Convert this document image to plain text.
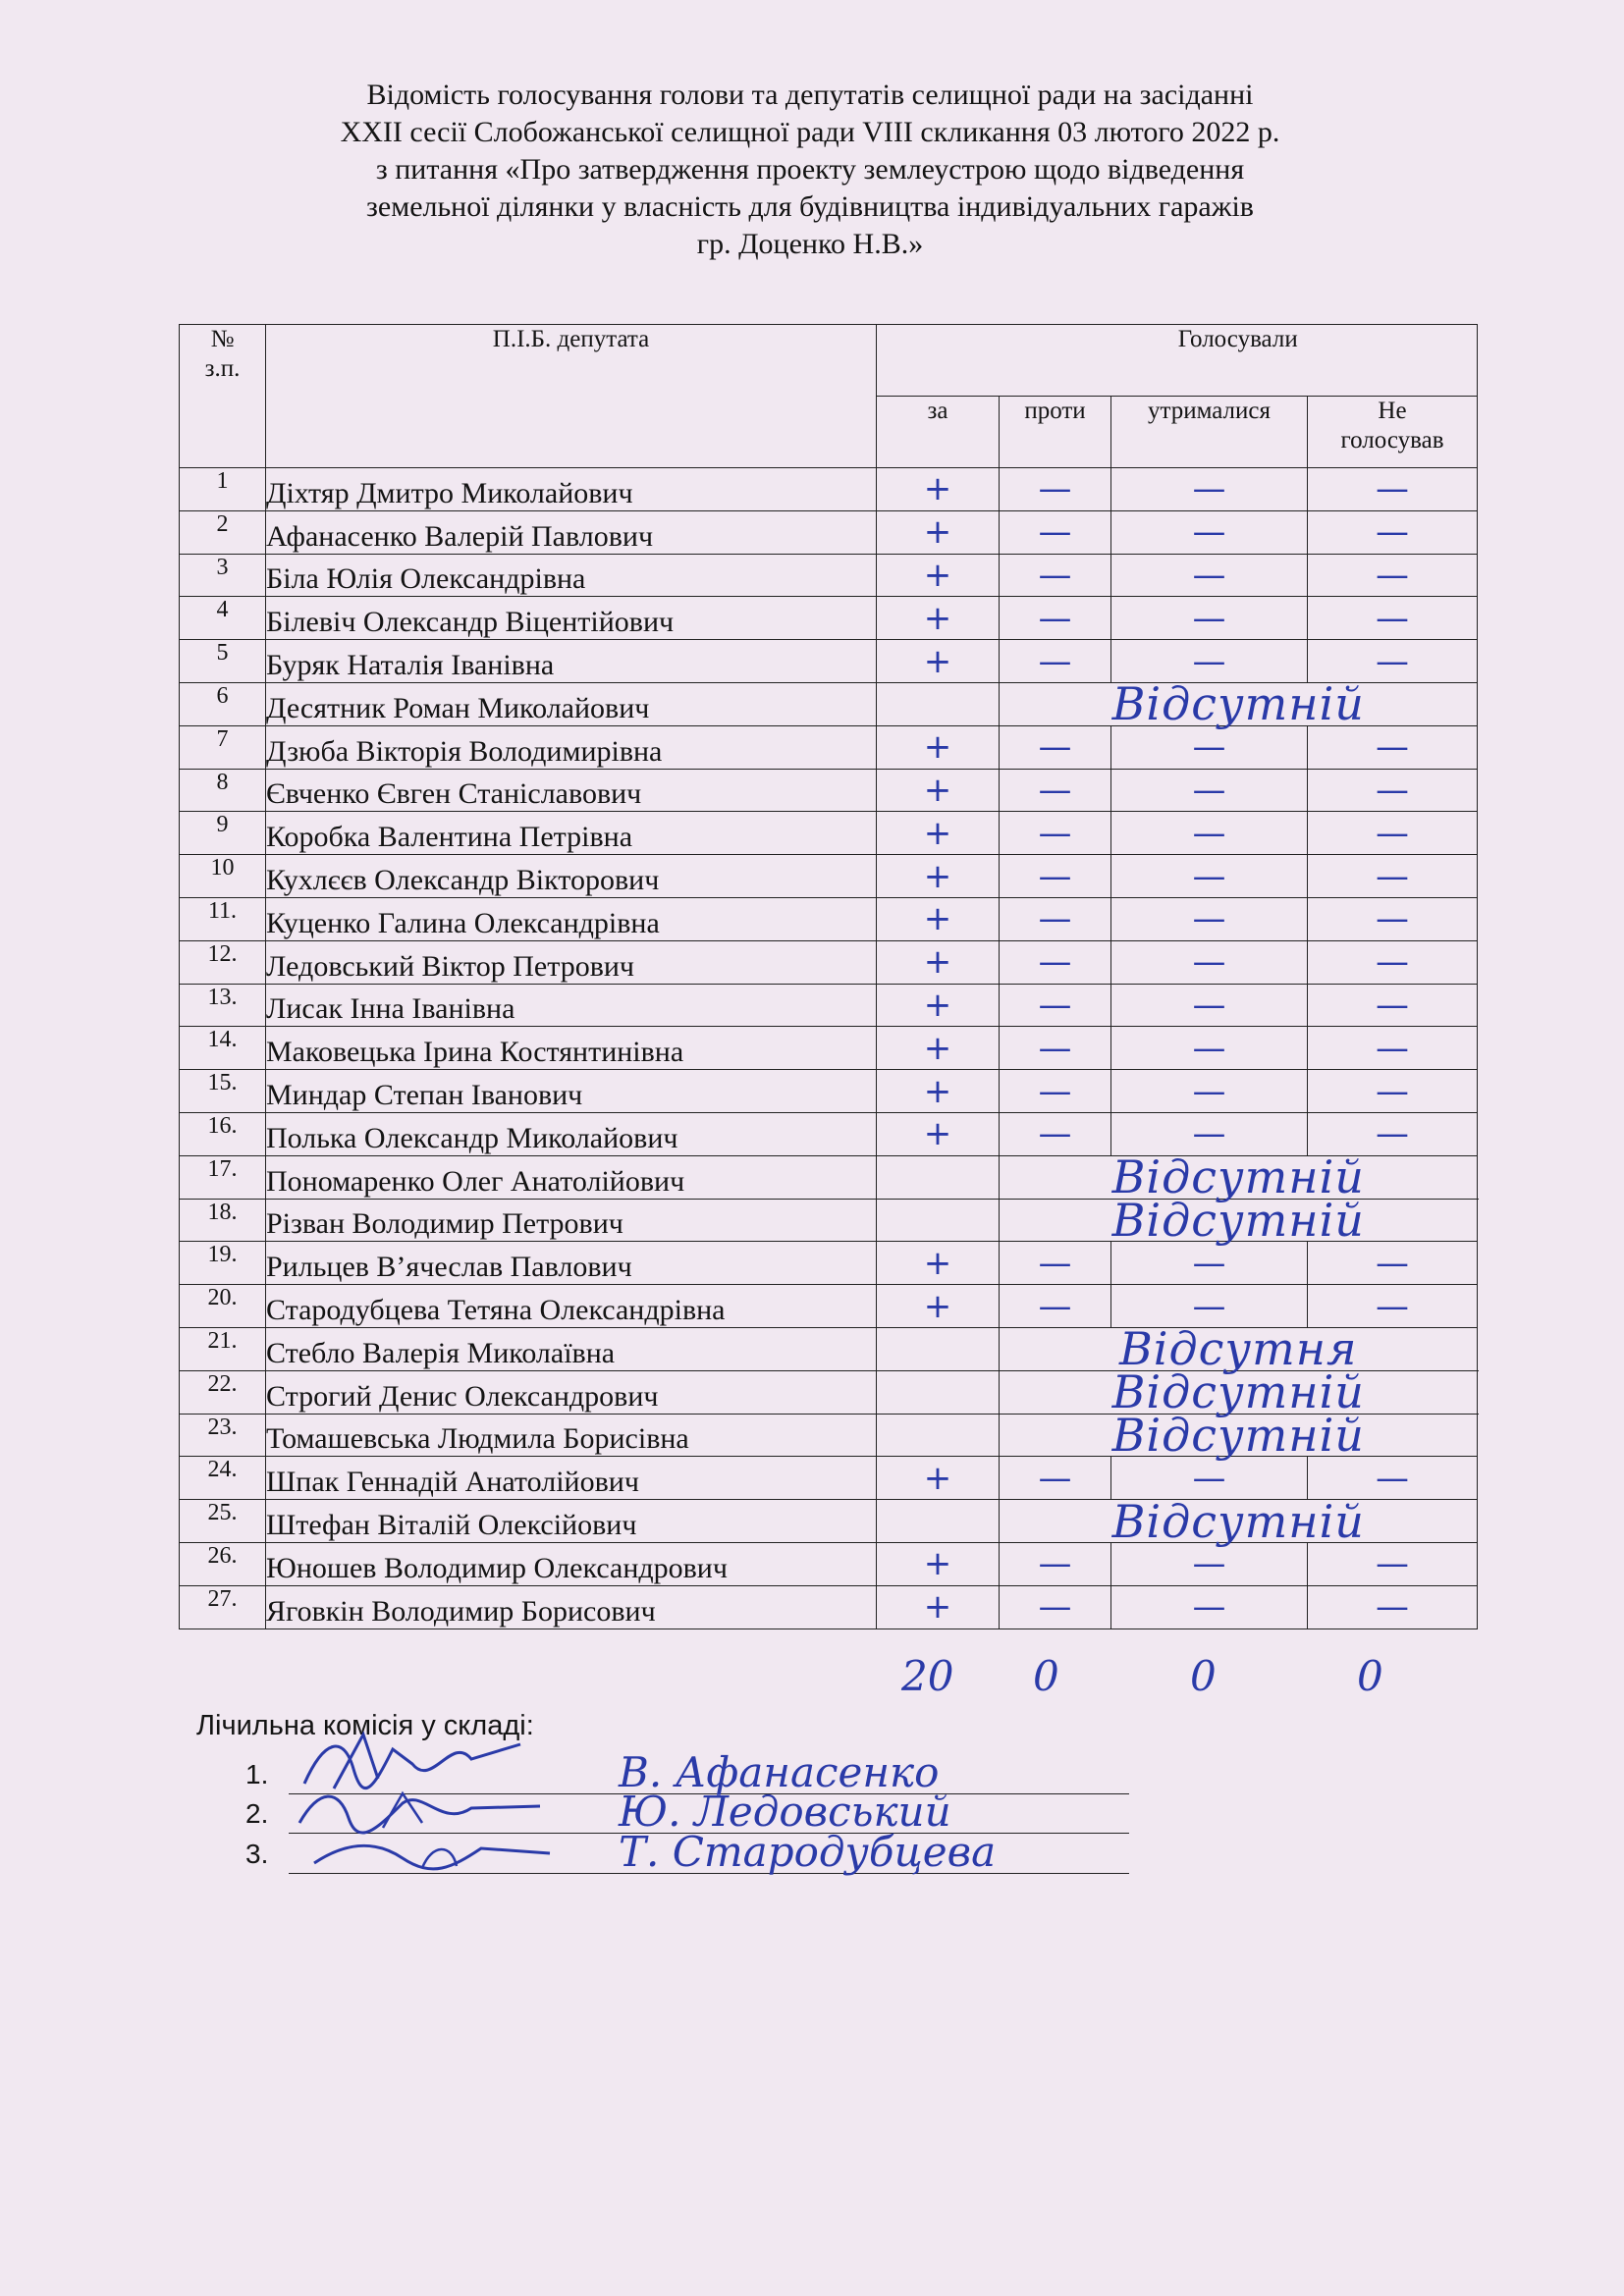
Відомість голосування голови та депутатів селищної ради на засіданні
XXII сесії Слобожанської селищної ради VIII скликання 03 лютого 2022 р.
з питання «Про затвердження проекту землеустрою щодо відведення
земельної ділянки у власність для будівництва індивідуальних гаражів
гр. Доценко Н.В.»
№
з.п.	П.І.Б. депутата		Голосували			
		за	проти	утрималися	Не
голосував	
1	Діхтяр Дмитро Миколайович	+	—	—	—	
2	Афанасенко Валерій Павлович	+	—	—	—	
3	Біла Юлія Олександрівна	+	—	—	—	
4	Білевіч Олександр Віцентійович	+	—	—	—	
5	Буряк Наталія Іванівна	+	—	—	—	
6	Десятник Роман Миколайович		Відсутній			
7	Дзюба Вікторія Володимирівна	+	—	—	—	
8	Євченко Євген Станіславович	+	—	—	—	
9	Коробка Валентина Петрівна	+	—	—	—	
10	Кухлєєв Олександр Вікторович	+	—	—	—	
11.	Куценко Галина Олександрівна	+	—	—	—	
12.	Ледовський Віктор Петрович	+	—	—	—	
13.	Лисак Інна Іванівна	+	—	—	—	
14.	Маковецька Ірина Костянтинівна	+	—	—	—	
15.	Миндар Степан Іванович	+	—	—	—	
16.	Полька Олександр Миколайович	+	—	—	—	
17.	Пономаренко Олег Анатолійович		Відсутній			
18.	Різван Володимир Петрович		Відсутній			
19.	Рильцев В’ячеслав Павлович	+	—	—	—	
20.	Стародубцева Тетяна Олександрівна	+	—	—	—	
21.	Стебло Валерія Миколаївна		Відсутня			
22.	Строгий Денис Олександрович		Відсутній			
23.	Томашевська Людмила Борисівна		Відсутній			
24.	Шпак Геннадій Анатолійович	+	—	—	—	
25.	Штефан Віталій Олексійович		Відсутній			
26.	Юношев Володимир Олександрович	+	—	—	—	
27.	Яговкін Володимир Борисович	+	—	—	—	
20 0	0	0
Лічильна комісія у складі:
1.	В. Афанасенко
2.	Ю. Ледовський
3.	Т. Стародубцева
